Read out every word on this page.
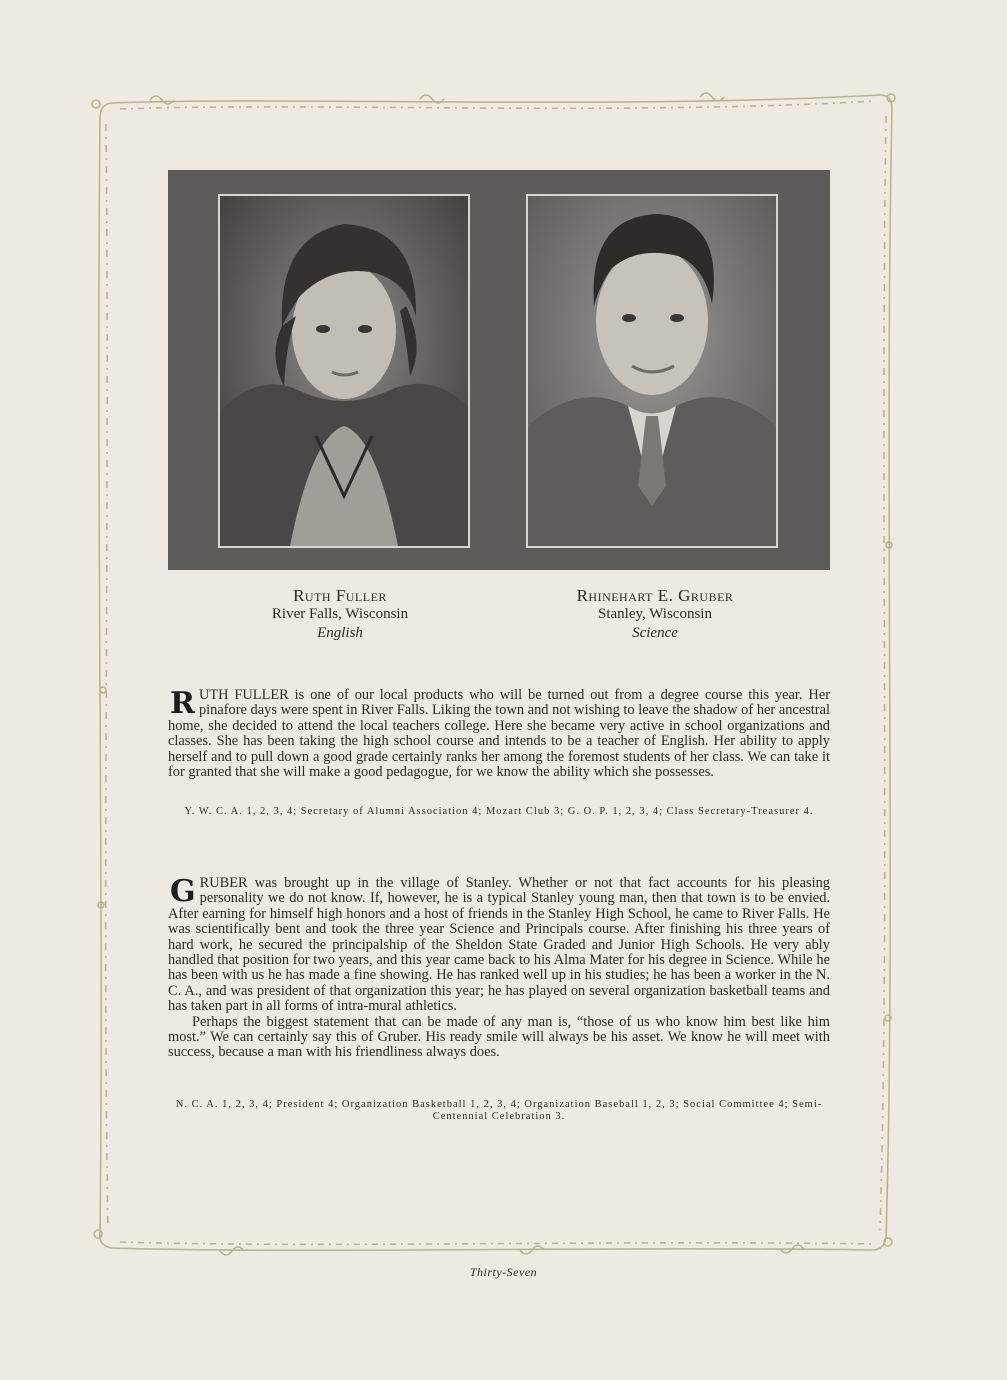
Ruth Fuller
River Falls, Wisconsin
English
Rhinehart E. Gruber
Stanley, Wisconsin
Science

RUTH FULLER is one of our local products who will be turned out from a degree course this year. Her pinafore days were spent in River Falls. Liking the town and not wishing to leave the shadow of her ancestral home, she decided to attend the local teachers college. Here she became very active in school organizations and classes. She has been taking the high school course and intends to be a teacher of English. Her ability to apply herself and to pull down a good grade certainly ranks her among the foremost students of her class. We can take it for granted that she will make a good pedagogue, for we know the ability which she possesses.

Y. W. C. A. 1, 2, 3, 4; Secretary of Alumni Association 4; Mozart Club 3; G. O. P. 1, 2, 3, 4; Class Secretary-Treasurer 4.

GRUBER was brought up in the village of Stanley. Whether or not that fact accounts for his pleasing personality we do not know. If, however, he is a typical Stanley young man, then that town is to be envied. After earning for himself high honors and a host of friends in the Stanley High School, he came to River Falls. He was scientifically bent and took the three year Science and Principals course. After finishing his three years of hard work, he secured the principalship of the Sheldon State Graded and Junior High Schools. He very ably handled that position for two years, and this year came back to his Alma Mater for his degree in Science. While he has been with us he has made a fine showing. He has ranked well up in his studies; he has been a worker in the N. C. A., and was president of that organization this year; he has played on several organization basketball teams and has taken part in all forms of intra-mural athletics.

Perhaps the biggest statement that can be made of any man is, “those of us who know him best like him most.” We can certainly say this of Gruber. His ready smile will always be his asset. We know he will meet with success, because a man with his friendliness always does.

N. C. A. 1, 2, 3, 4; President 4; Organization Basketball 1, 2, 3, 4; Organization Baseball 1, 2, 3; Social Committee 4; Semi-Centennial Celebration 3.
Thirty-Seven
